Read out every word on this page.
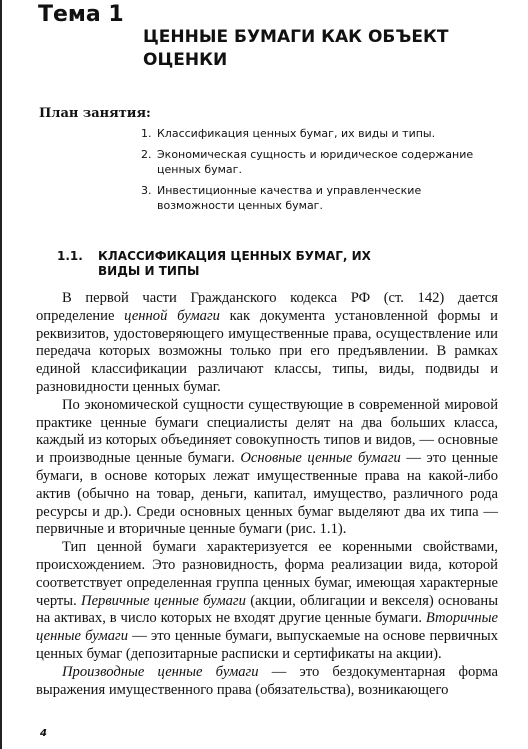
Тема 1
ЦЕННЫЕ БУМАГИ КАК ОБЪЕКТ ОЦЕНКИ
План занятия:
1. Классификация ценных бумаг, их виды и типы.
2. Экономическая сущность и юридическое содержание ценных бумаг.
3. Инвестиционные качества и управленческие возможности ценных бумаг.
1.1.	КЛАССИФИКАЦИЯ ЦЕННЫХ БУМАГ, ИХ ВИДЫ И ТИПЫ

В первой части Гражданского кодекса РФ (ст. 142) дается определение ценной бумаги как документа установленной формы и реквизитов, удостоверяющего имущественные права, осуществление или передача которых возможны только при его предъявлении. В рамках единой классификации различают классы, типы, виды, подвиды и разновидности ценных бумаг.

По экономической сущности существующие в современной мировой практике ценные бумаги специалисты делят на два больших класса, каждый из которых объединяет совокупность типов и видов, — основные и производные ценные бумаги. Основные ценные бумаги — это ценные бумаги, в основе которых лежат имущественные права на какой-либо актив (обычно на товар, деньги, капитал, имущество, различного рода ресурсы и др.). Среди основных ценных бумаг выделяют два их типа — первичные и вторичные ценные бумаги (рис. 1.1).

Тип ценной бумаги характеризуется ее коренными свойствами, происхождением. Это разновидность, форма реализации вида, которой соответствует определенная группа ценных бумаг, имеющая характерные черты. Первичные ценные бумаги (акции, облигации и векселя) основаны на активах, в число которых не входят другие ценные бумаги. Вторичные ценные бумаги — это ценные бумаги, выпускаемые на основе первичных ценных бумаг (депозитарные расписки и сертификаты на акции).

Производные ценные бумаги — это бездокументарная форма выражения имущественного права (обязательства), возникающего

4
